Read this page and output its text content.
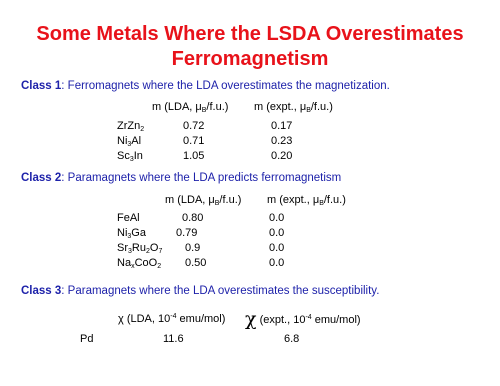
Some Metals Where the LSDA Overestimates
Ferromagnetism
Class 1: Ferromagnets where the LDA overestimates the magnetization.
m (LDA, $\mu_B/f.u$.) m (expt., $\mu_B/f.u$.)
ZrZn$_2$	0.72	0.17
$Ni_3Al$	0.71	0.23
$Sc_3In$	1.05	0.20
Class 2: Paramagnets where the LDA predicts ferromagnetism
m (LDA, $\mu_B/f.u$.) m (expt., $\mu_B/f.u$.)
FeAl	0.80	0.0
$Ni_3Ga$	0.79	0.0
$Sr_3Ru_2O_7$ 0.9	0.0
$Na_xCoO_2$ 0.50	0.0
Class 3: Paramagnets where the LDA overestimates the susceptibility.
χ (LDA, $10^{-4}$ emu/mol) χ (expt., $10^{-4}$ emu/mol)
Pd	11.6	6.8
